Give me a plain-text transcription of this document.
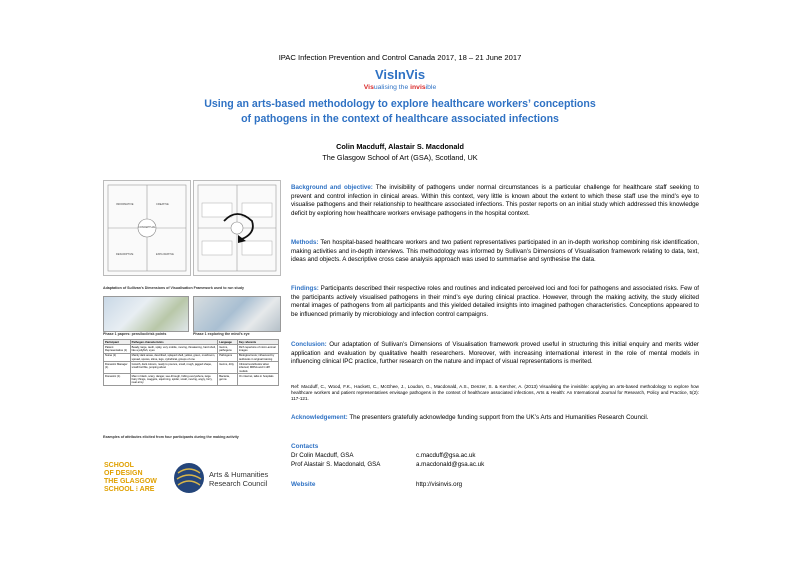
IPAC Infection Prevention and Control Canada 2017, 18 – 21 June 2017
VisInVis
Visualising the invisible
Using an arts-based methodology to explore healthcare workers’ conceptions
of pathogens in the context of healthcare associated infections
Colin Macduff, Alastair S. Macdonald
The Glasgow School of Art (GSA), Scotland, UK
INFORMATIVE	CREATIVE
DESCRIPTIVE	EXPLORATIVE
CONCEPTUAL
Adaptation of Sullivan's Dimensions of Visualisation Framework used to run study
Phase 1 papers: pens/loci/risk points	Phase 1 exploring the mind's eye
Participant	Pathogen characteristics	Language	Key referents
Patient Representative (1)	Beady, large, teeth, spiky, very mobile, moving, threatening, hard shell, like a jellyfish, eyes	Germs, pathogens	Rich repertoire of micro-animal images
Nurse (1)	Mainly dark areas, described, splayed shell, yellow, green, mushroom, spread, spores, slime, legs, cylindrical, groups of one	Pathogens	Biological texts; influenced by textbooks in original training
Domestic Manager (1)	Growth, dark colours, ready to pounce, small, rough, jagged shape, small horrible, jumping about	Germs, dirty	Clinical texts/books when infected; MRSA and C.diff models
Domestic (1)	Man in black, scary, danger, see-through, hiding everywhere, large hairy things, maggots, squirming, spider, small, moving, angry, furry, neat army	Bacteria, germs	On internet, talks in hospitals
Examples of attributes elicited from four participants during the making activity
SCHOOL
OF DESIGN
THE GLASGOW
SCHOOL ⁝ ARE
Arts & Humanities
Research Council
Background and objective: The invisibility of pathogens under normal circumstances is a particular challenge for healthcare staff seeking to prevent and control infection in clinical areas. Within this context, very little is known about the extent to which these staff use the mind’s eye to visualise pathogens and their relationship to healthcare associated infections. This poster reports on an initial study which addressed this knowledge deficit by exploring how healthcare workers envisage pathogens in the hospital context.
Methods: Ten hospital-based healthcare workers and two patient representatives participated in an in-depth workshop combining risk identification, making activities and in-depth interviews. This methodology was informed by Sullivan’s Dimensions of Visualisation framework relating to data, text, ideas and objects. A descriptive cross case analysis approach was used to summarise and synthesise the data.
Findings: Participants described their respective roles and routines and indicated perceived loci and foci for pathogens and associated risks. Few of the participants actively visualised pathogens in their mind’s eye during clinical practice. However, through the making activity, the study elicited mental images of pathogens from all participants and this yielded detailed insights into imagined pathogen characteristics. Conceptions appeared to be influenced primarily by microbiology and infection control campaigns.
Conclusion: Our adaptation of Sullivan’s Dimensions of Visualisation framework proved useful in structuring this initial enquiry and merits wider application and evaluation by qualitative health researchers. Moreover, with increasing international interest in the role of mental models in influencing clinical IPC practice, further research on the nature and impact of visual representations is merited.
Ref: Macduff, C., Wood, F.K., Hackett, C., McGhee, J., Loudon, G., Macdonald, A.S., Denzer, S. & Kercher, A. (2013) Visualising the invisible: applying an arts-based methodology to explore how healthcare workers and patient representatives envisage pathogens in the context of healthcare associated infections, Arts & Health: An International Journal for Research, Policy and Practice, 5(2): 117-121.
Acknowledgement: The presenters gratefully acknowledge funding support from the UK’s Arts and Humanities Research Council.
Contacts
Dr Colin Macduff, GSA	c.macduff@gsa.ac.uk
Prof Alastair S. Macdonald, GSA	a.macdonald@gsa.ac.uk
Website	http://visinvis.org
